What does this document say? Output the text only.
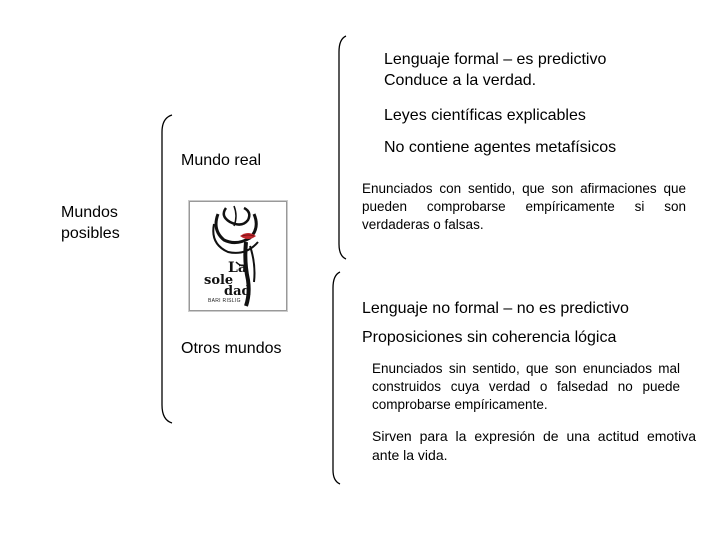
Mundos
posibles
Mundo real
Otros mundos
Lenguaje formal – es predictivo
Conduce a la verdad.
Leyes científicas explicables
No contiene agentes metafísicos
Enunciados con sentido, que son afirmaciones que pueden comprobarse empíricamente si son verdaderas o falsas.
Lenguaje no formal – no es predictivo
Proposiciones sin coherencia lógica
Enunciados sin sentido, que son enunciados mal construidos cuya verdad o falsedad no puede comprobarse empíricamente.
Sirven para la expresión de una actitud emotiva ante la vida.
La
sole
dad
BARI RISLIG
